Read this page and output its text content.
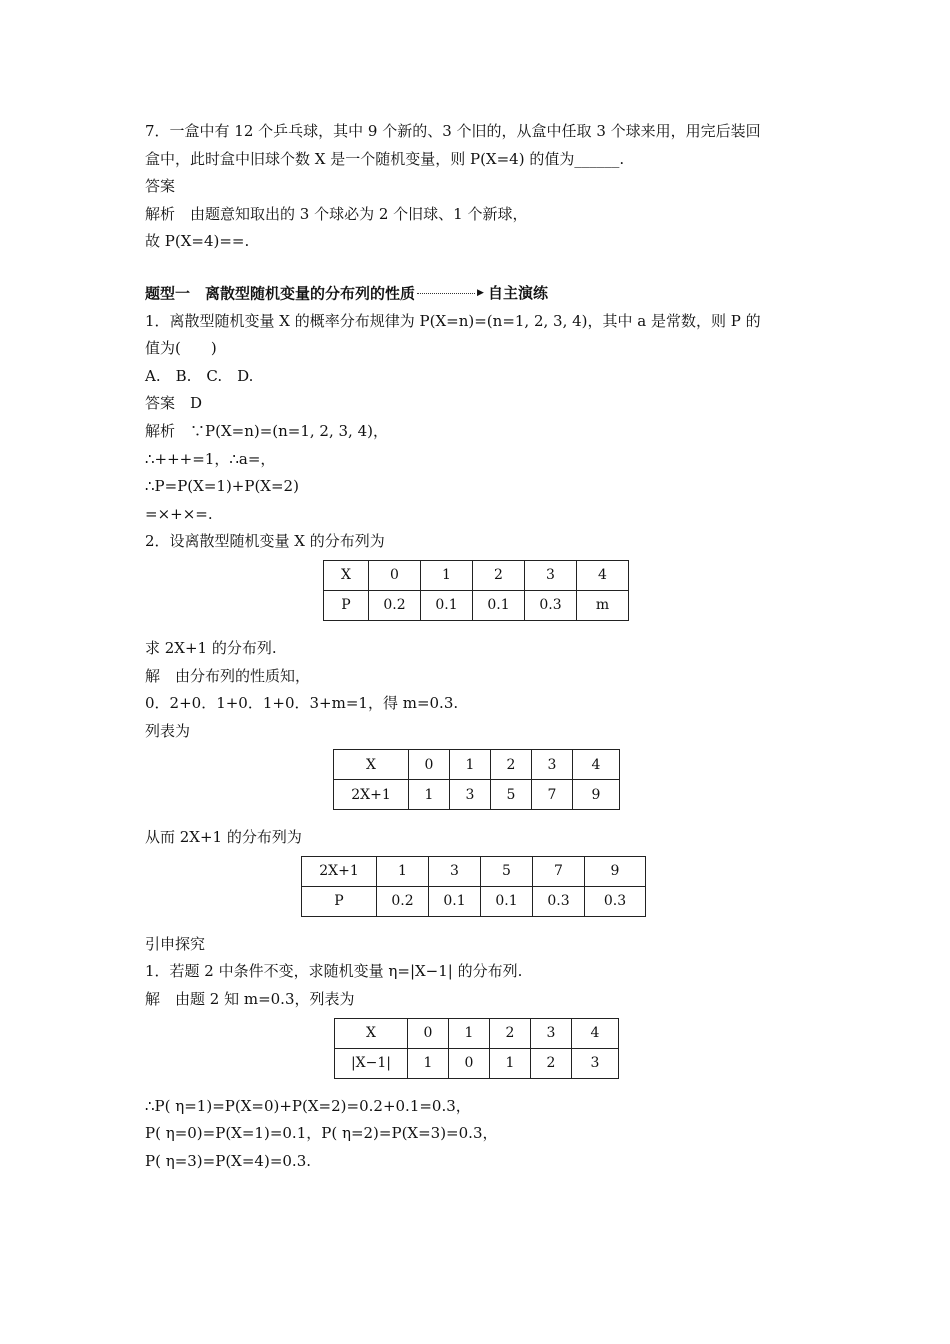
7．一盒中有 12 个乒乓球，其中 9 个新的、3 个旧的，从盒中任取 3 个球来用，用完后装回
盒中，此时盒中旧球个数 X 是一个随机变量，则 P(X=4) 的值为______.
答案
解析　由题意知取出的 3 个球必为 2 个旧球、1 个新球，
故 P(X=4)==.
题型一　离散型随机变量的分布列的性质	▶ 自主演练
1．离散型随机变量 X 的概率分布规律为 P(X=n)=(n=1, 2, 3, 4)，其中 a 是常数，则 P 的
值为(　　)
A.　B.　C.　D.
答案　D
解析　∵P(X=n)=(n=1, 2, 3, 4)，
∴+++=1，∴a=，
∴P=P(X=1)+P(X=2)
=×+×=.
2．设离散型随机变量 X 的分布列为
X	0	1	2	3	4
P	0.2	0.1	0.1	0.3	m
求 2X+1 的分布列.
解　由分布列的性质知，
0．2+0．1+0．1+0．3+m=1，得 m=0.3.
列表为
X	0	1	2	3	4
2X+1	1	3	5	7	9
从而 2X+1 的分布列为
2X+1	1	3	5	7	9
P	0.2	0.1	0.1	0.3	0.3
引申探究
1．若题 2 中条件不变，求随机变量 η=|X−1| 的分布列.
解　由题 2 知 m=0.3，列表为
X	0	1	2	3	4
|X−1|	1	0	1	2	3
∴P( η=1)=P(X=0)+P(X=2)=0.2+0.1=0.3，
P( η=0)=P(X=1)=0.1，P( η=2)=P(X=3)=0.3，
P( η=3)=P(X=4)=0.3.
